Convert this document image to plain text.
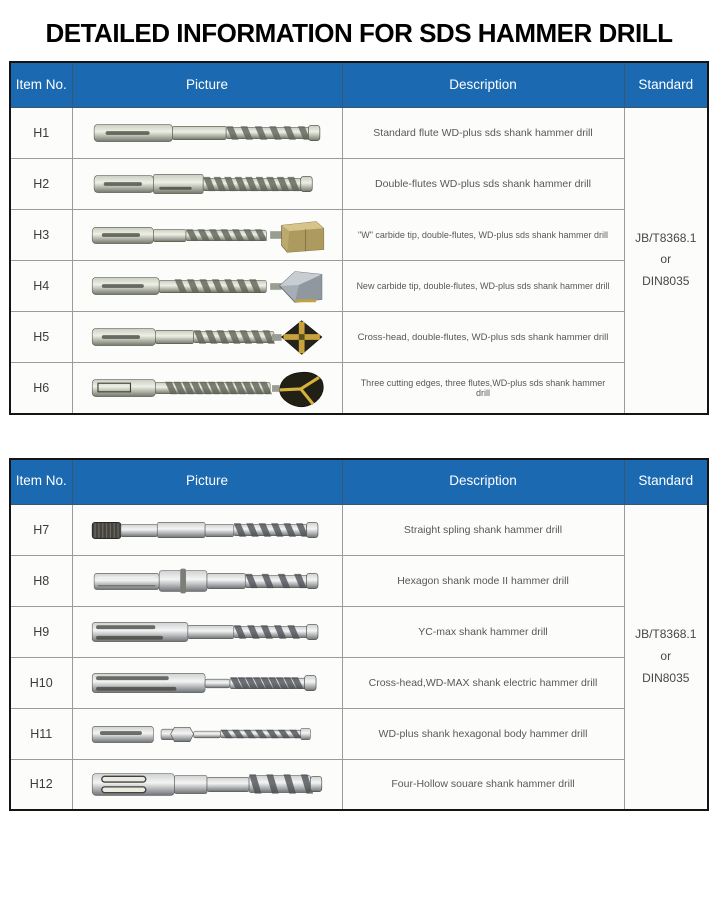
DETAILED INFORMATION FOR SDS HAMMER DRILL
Item No.	Picture	Description	Standard
H1		Standard flute WD-plus sds shank hammer drill	JB/T8368.1
or
DIN8035

H2		Double-flutes WD-plus sds shank hammer drill	
H3		"W" carbide tip, double-flutes, WD-plus sds shank hammer drill	
H4		New carbide tip, double-flutes, WD-plus sds shank hammer drill	
H5		Cross-head, double-flutes, WD-plus sds shank hammer drill	
H6		Three cutting edges, three flutes,WD-plus sds shank hammer drill	
Item No.	Picture	Description	Standard
H7		Straight spling shank hammer drill	JB/T8368.1
or
DIN8035

H8		Hexagon shank mode II hammer drill	
H9		YC-max shank hammer drill	
H10		Cross-head,WD-MAX shank electric hammer drill	
H11		WD-plus shank hexagonal body hammer drill	
H12		Four-Hollow souare shank hammer drill	
